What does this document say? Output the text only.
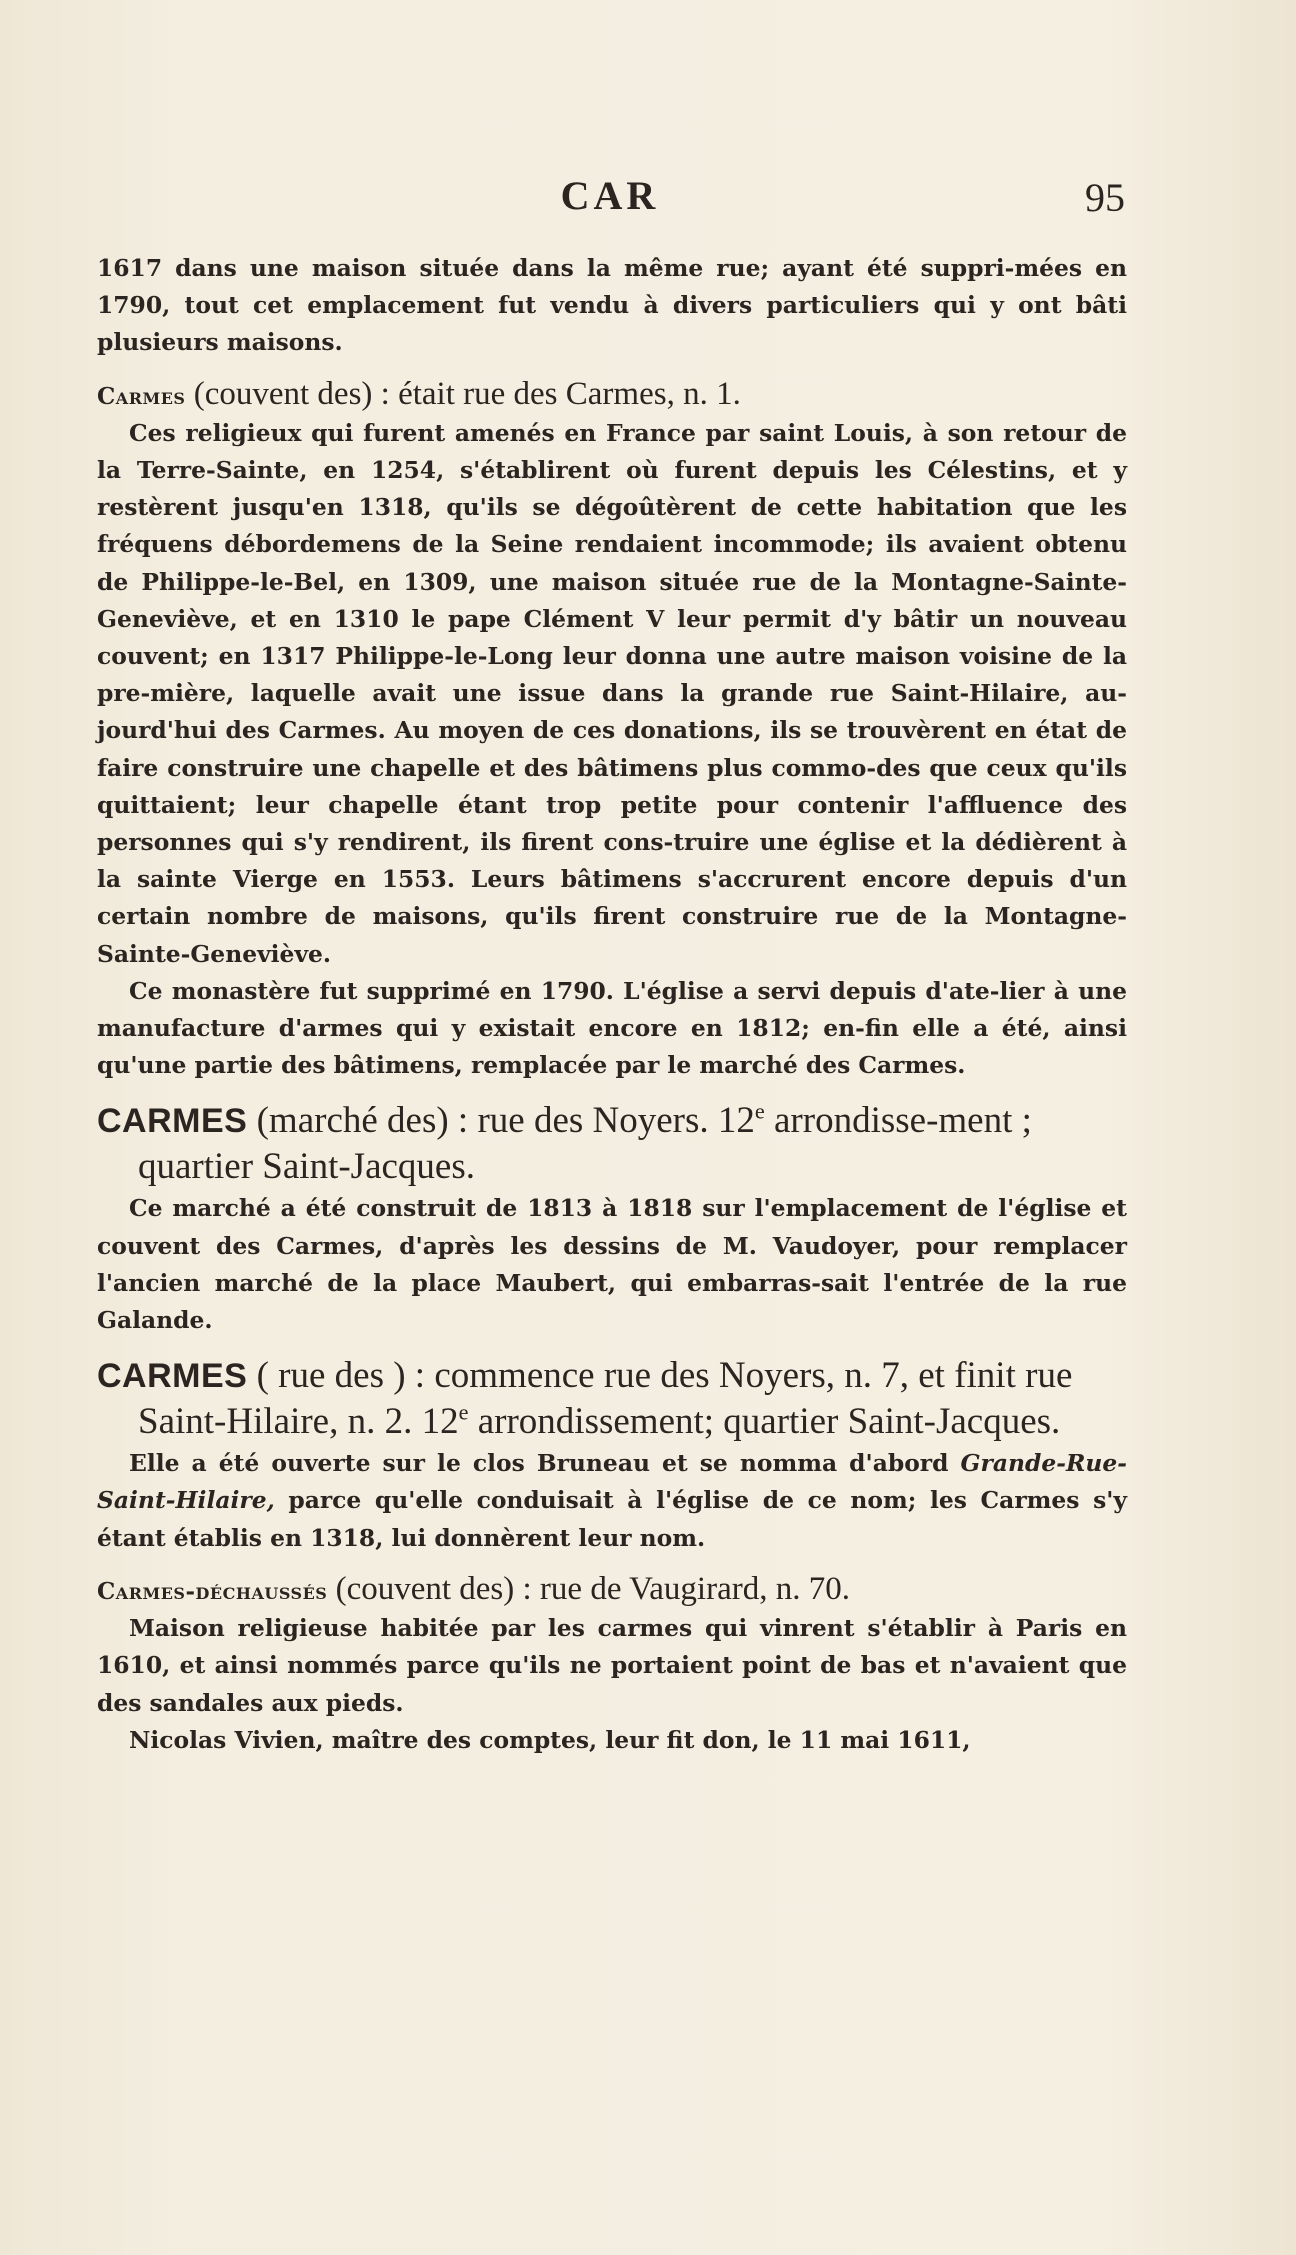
CAR	95

1617 dans une maison située dans la même rue; ayant été suppri-mées en 1790, tout cet emplacement fut vendu à divers particuliers qui y ont bâti plusieurs maisons.

Carmes (couvent des) : était rue des Carmes, n. 1.

Ces religieux qui furent amenés en France par saint Louis, à son retour de la Terre-Sainte, en 1254, s'établirent où furent depuis les Célestins, et y restèrent jusqu'en 1318, qu'ils se dégoûtèrent de cette habitation que les fréquens débordemens de la Seine rendaient incommode; ils avaient obtenu de Philippe-le-Bel, en 1309, une maison située rue de la Montagne-Sainte-Geneviève, et en 1310 le pape Clément V leur permit d'y bâtir un nouveau couvent; en 1317 Philippe-le-Long leur donna une autre maison voisine de la pre-mière, laquelle avait une issue dans la grande rue Saint-Hilaire, au-jourd'hui des Carmes. Au moyen de ces donations, ils se trouvèrent en état de faire construire une chapelle et des bâtimens plus commo-des que ceux qu'ils quittaient; leur chapelle étant trop petite pour contenir l'affluence des personnes qui s'y rendirent, ils firent cons-truire une église et la dédièrent à la sainte Vierge en 1553. Leurs bâtimens s'accrurent encore depuis d'un certain nombre de maisons, qu'ils firent construire rue de la Montagne-Sainte-Geneviève.

Ce monastère fut supprimé en 1790. L'église a servi depuis d'ate-lier à une manufacture d'armes qui y existait encore en 1812; en-fin elle a été, ainsi qu'une partie des bâtimens, remplacée par le marché des Carmes.

CARMES (marché des) : rue des Noyers. 12e arrondisse-ment ; quartier Saint-Jacques.

Ce marché a été construit de 1813 à 1818 sur l'emplacement de l'église et couvent des Carmes, d'après les dessins de M. Vaudoyer, pour remplacer l'ancien marché de la place Maubert, qui embarras-sait l'entrée de la rue Galande.

CARMES ( rue des ) : commence rue des Noyers, n. 7, et finit rue Saint-Hilaire, n. 2. 12e arrondissement; quartier Saint-Jacques.

Elle a été ouverte sur le clos Bruneau et se nomma d'abord Grande-Rue-Saint-Hilaire, parce qu'elle conduisait à l'église de ce nom; les Carmes s'y étant établis en 1318, lui donnèrent leur nom.

Carmes-déchaussés (couvent des) : rue de Vaugirard, n. 70.

Maison religieuse habitée par les carmes qui vinrent s'établir à Paris en 1610, et ainsi nommés parce qu'ils ne portaient point de bas et n'avaient que des sandales aux pieds.

Nicolas Vivien, maître des comptes, leur fit don, le 11 mai 1611,
